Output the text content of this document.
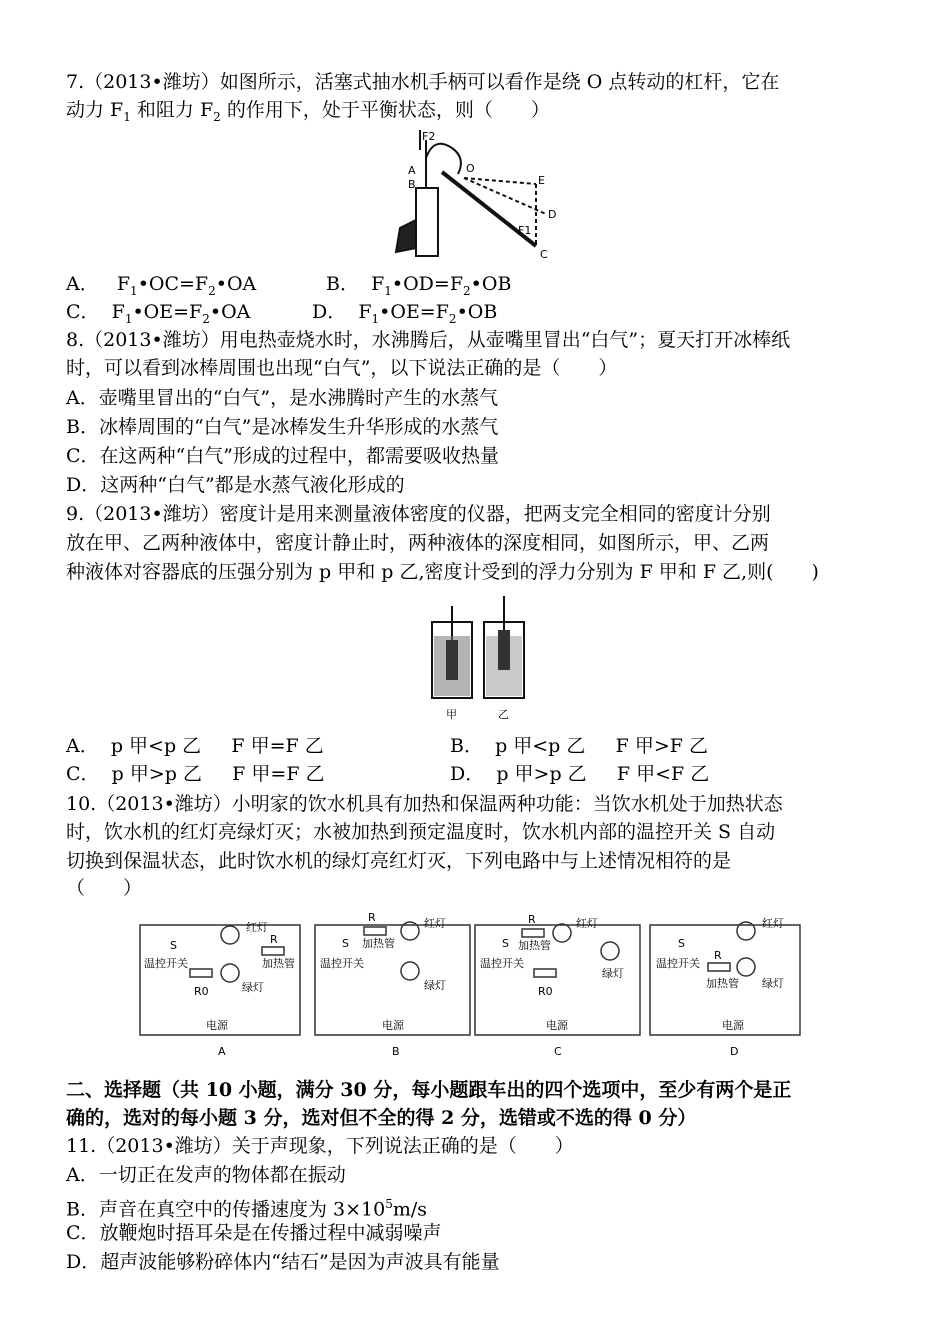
7.（2013•潍坊）如图所示，活塞式抽水机手柄可以看作是绕 O 点转动的杠杆，它在
动力 $F_1$ 和阻力 $F_2$ 的作用下，处于平衡状态，则（　　）
F2
A
B
O
E
D
C
F1
A． $F_1•OC=F_2•OA$	B． $F_1•OD=F_2•OB$
C． $F_1•OE=F_2•OA$	D． $F_1•OE=F_2•OB$
8.（2013•潍坊）用电热壶烧水时，水沸腾后，从壶嘴里冒出“白气”；夏天打开冰棒纸
时，可以看到冰棒周围也出现“白气”，以下说法正确的是（　　）
A．壶嘴里冒出的“白气”，是水沸腾时产生的水蒸气
B．冰棒周围的“白气”是冰棒发生升华形成的水蒸气
C．在这两种“白气”形成的过程中，都需要吸收热量
D．这两种“白气”都是水蒸气液化形成的
9.（2013•潍坊）密度计是用来测量液体密度的仪器，把两支完全相同的密度计分别
放在甲、乙两种液体中，密度计静止时，两种液体的深度相同，如图所示，甲、乙两
种液体对容器底的压强分别为 p 甲和 p 乙,密度计受到的浮力分别为 F 甲和 F 乙,则(　　)
甲	乙
A． p 甲<p 乙 F 甲=F 乙	B． p 甲<p 乙 F 甲>F 乙
C． p 甲>p 乙 F 甲=F 乙	D． p 甲>p 乙 F 甲<F 乙
10.（2013•潍坊）小明家的饮水机具有加热和保温两种功能：当饮水机处于加热状态
时，饮水机的红灯亮绿灯灭；水被加热到预定温度时，饮水机内部的温控开关 S 自动
切换到保温状态，此时饮水机的绿灯亮红灯灭，下列电路中与上述情况相符的是
（　　）
S
温控开关
R
R0
红灯
绿灯
加热管
电源
A
S
温控开关
R
加热管
红灯
绿灯
电源
B
S
温控开关
R
加热管
R0
红灯
绿灯
电源
C
S
温控开关
R
加热管
红灯
绿灯
电源
D
二、选择题（共 10 小题，满分 30 分，每小题跟车出的四个选项中，至少有两个是正
确的，选对的每小题 3 分，选对但不全的得 2 分，选错或不选的得 0 分）
11.（2013•潍坊）关于声现象，下列说法正确的是（　　）
A．一切正在发声的物体都在振动
B．声音在真空中的传播速度为 $3\times 10^5m/s$
C．放鞭炮时捂耳朵是在传播过程中减弱噪声
D．超声波能够粉碎体内“结石”是因为声波具有能量
